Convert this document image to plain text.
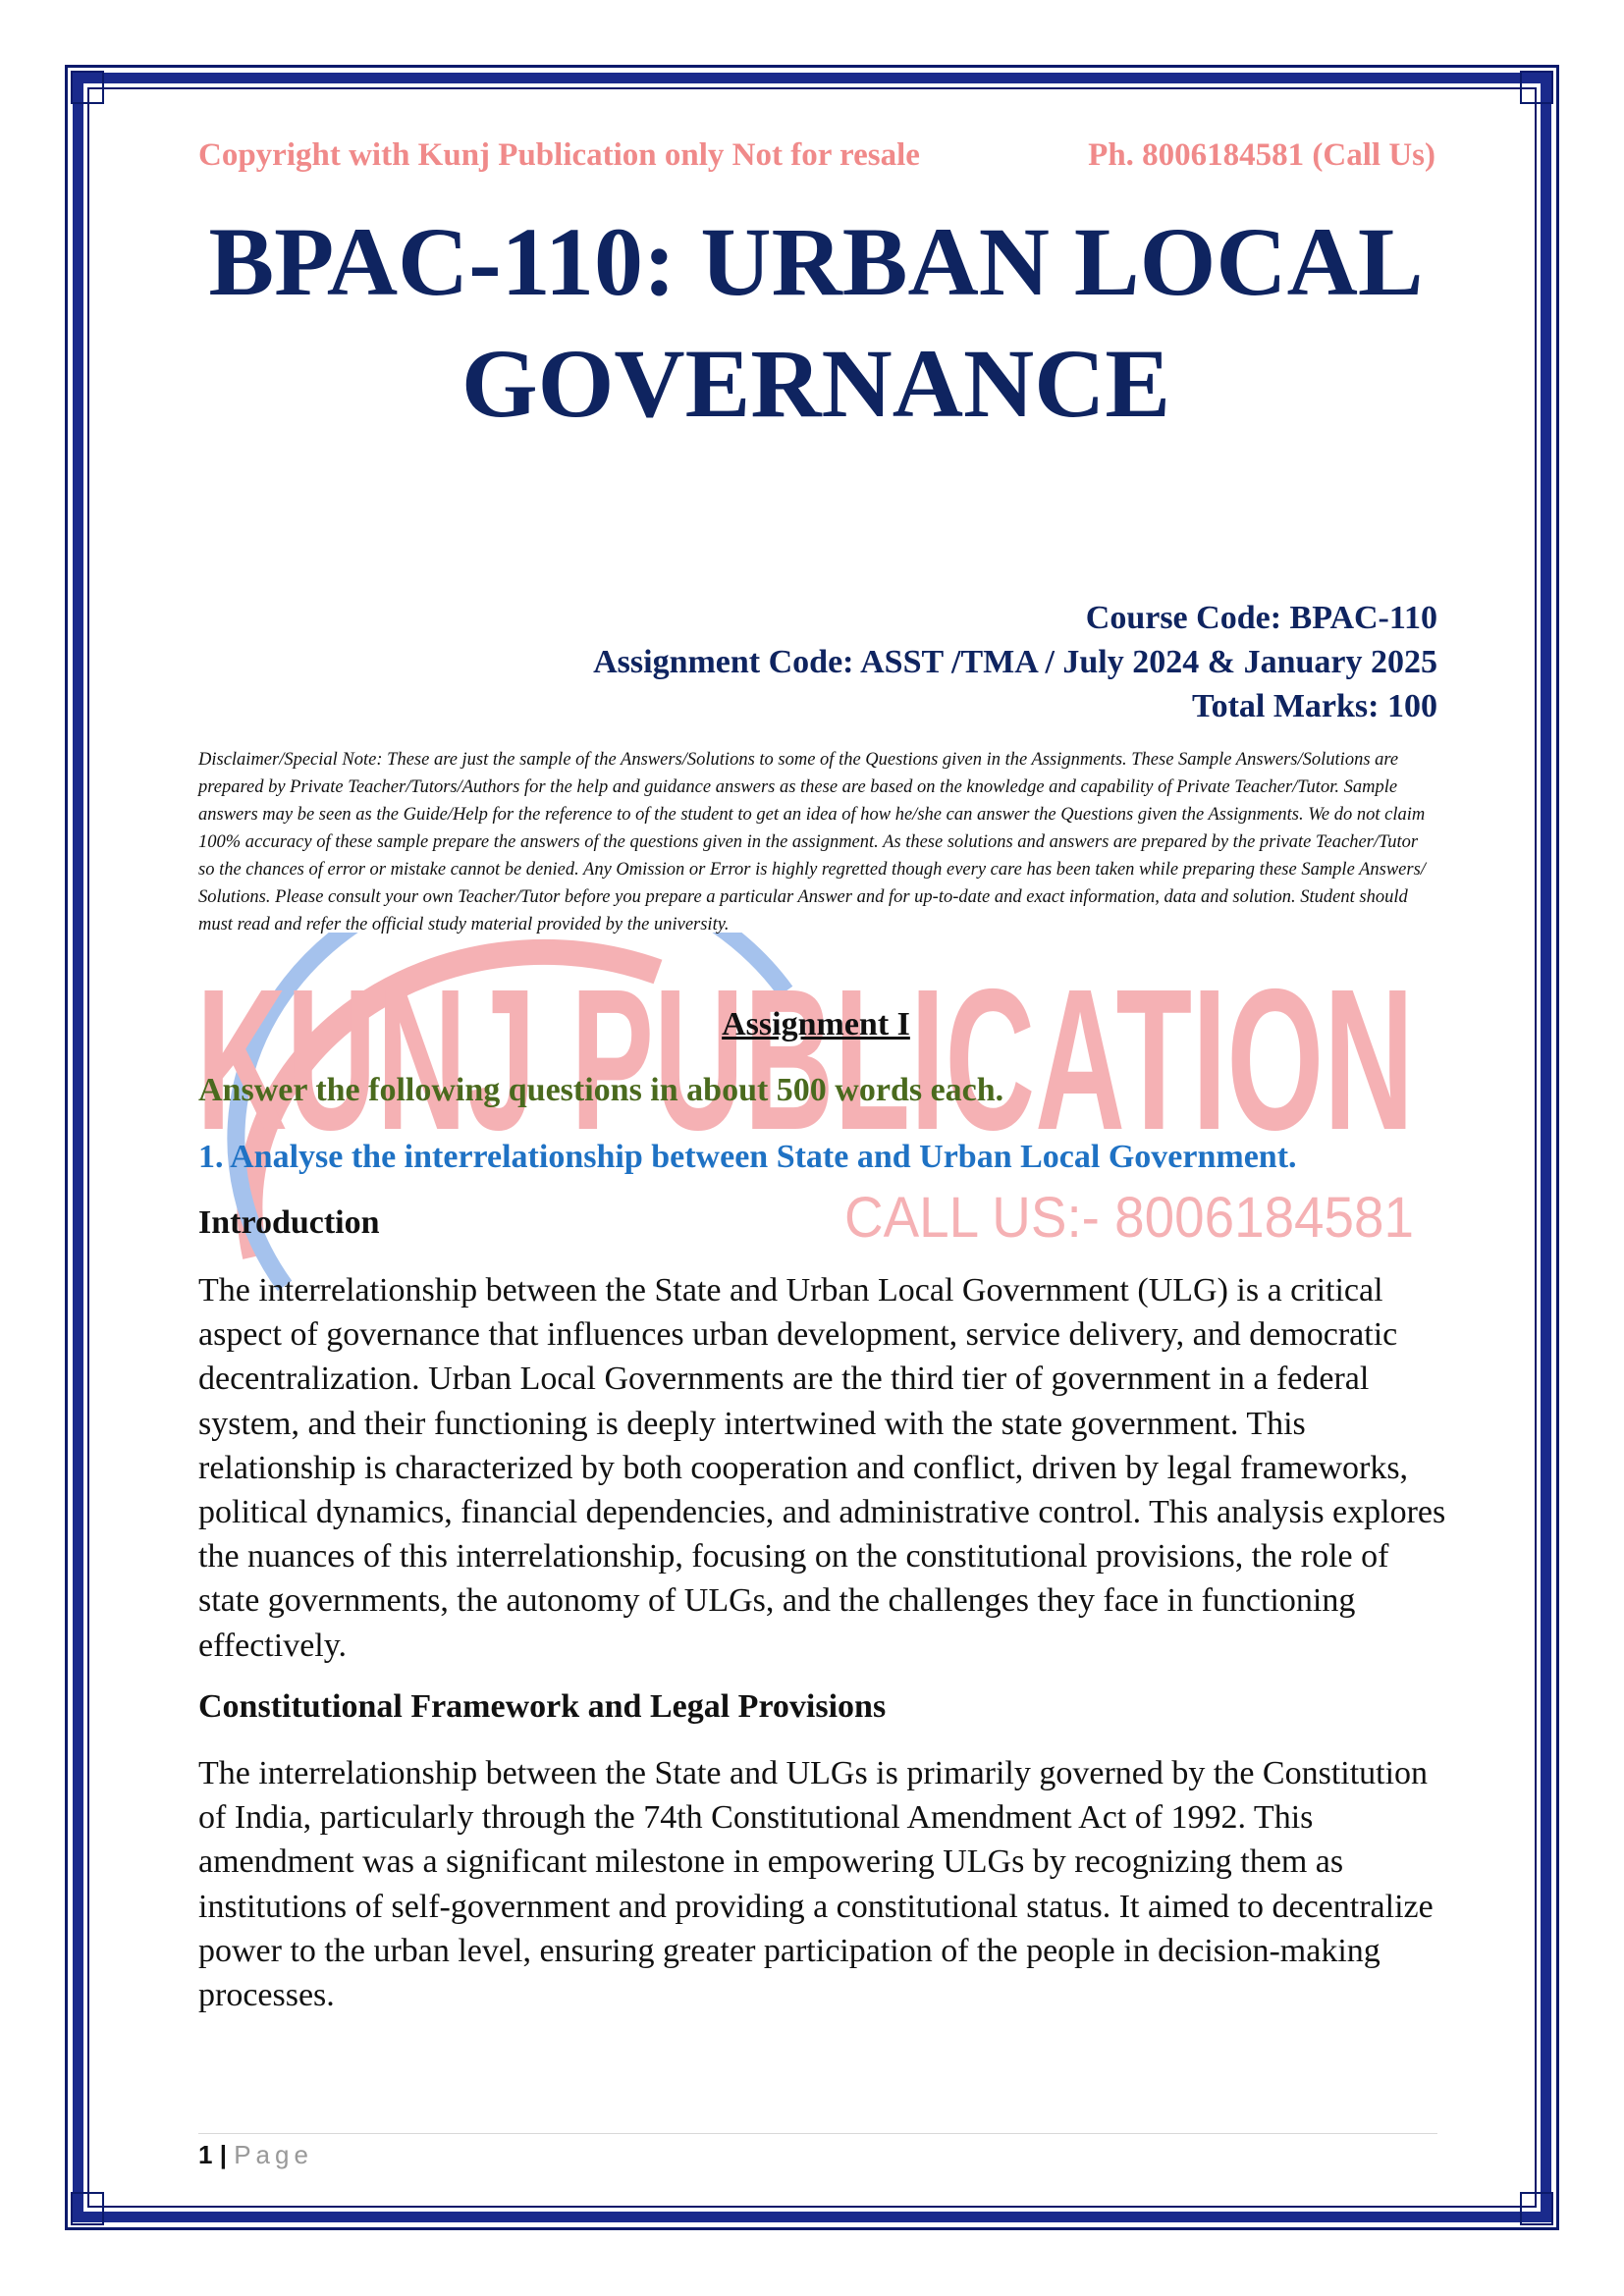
KUNJ PUBLICATION
CALL US:- 8006184581
Copyright with Kunj Publication only Not for resale	Ph. 8006184581 (Call Us)
BPAC-110: URBAN LOCAL
GOVERNANCE
Course Code: BPAC-110
Assignment Code: ASST /TMA / July 2024 & January 2025
Total Marks: 100
Disclaimer/Special Note: These are just the sample of the Answers/Solutions to some of the Questions given in the Assignments. These Sample Answers/Solutions are prepared by Private Teacher/Tutors/Authors for the help and guidance answers as these are based on the knowledge and capability of Private Teacher/Tutor. Sample answers may be seen as the Guide/Help for the reference to of the student to get an idea of how he/she can answer the Questions given the Assignments. We do not claim 100% accuracy of these sample prepare the answers of the questions given in the assignment. As these solutions and answers are prepared by the private Teacher/Tutor so the chances of error or mistake cannot be denied. Any Omission or Error is highly regretted though every care has been taken while preparing these Sample Answers/ Solutions. Please consult your own Teacher/Tutor before you prepare a particular Answer and for up-to-date and exact information, data and solution. Student should must read and refer the official study material provided by the university.
Assignment I
Answer the following questions in about 500 words each.
1. Analyse the interrelationship between State and Urban Local Government.
Introduction
The interrelationship between the State and Urban Local Government (ULG) is a critical aspect of governance that influences urban development, service delivery, and democratic decentralization. Urban Local Governments are the third tier of government in a federal system, and their functioning is deeply intertwined with the state government. This relationship is characterized by both cooperation and conflict, driven by legal frameworks, political dynamics, financial dependencies, and administrative control. This analysis explores the nuances of this interrelationship, focusing on the constitutional provisions, the role of state governments, the autonomy of ULGs, and the challenges they face in functioning effectively.
Constitutional Framework and Legal Provisions
The interrelationship between the State and ULGs is primarily governed by the Constitution of India, particularly through the 74th Constitutional Amendment Act of 1992. This amendment was a significant milestone in empowering ULGs by recognizing them as institutions of self-government and providing a constitutional status. It aimed to decentralize power to the urban level, ensuring greater participation of the people in decision-making processes.
1 | Page
